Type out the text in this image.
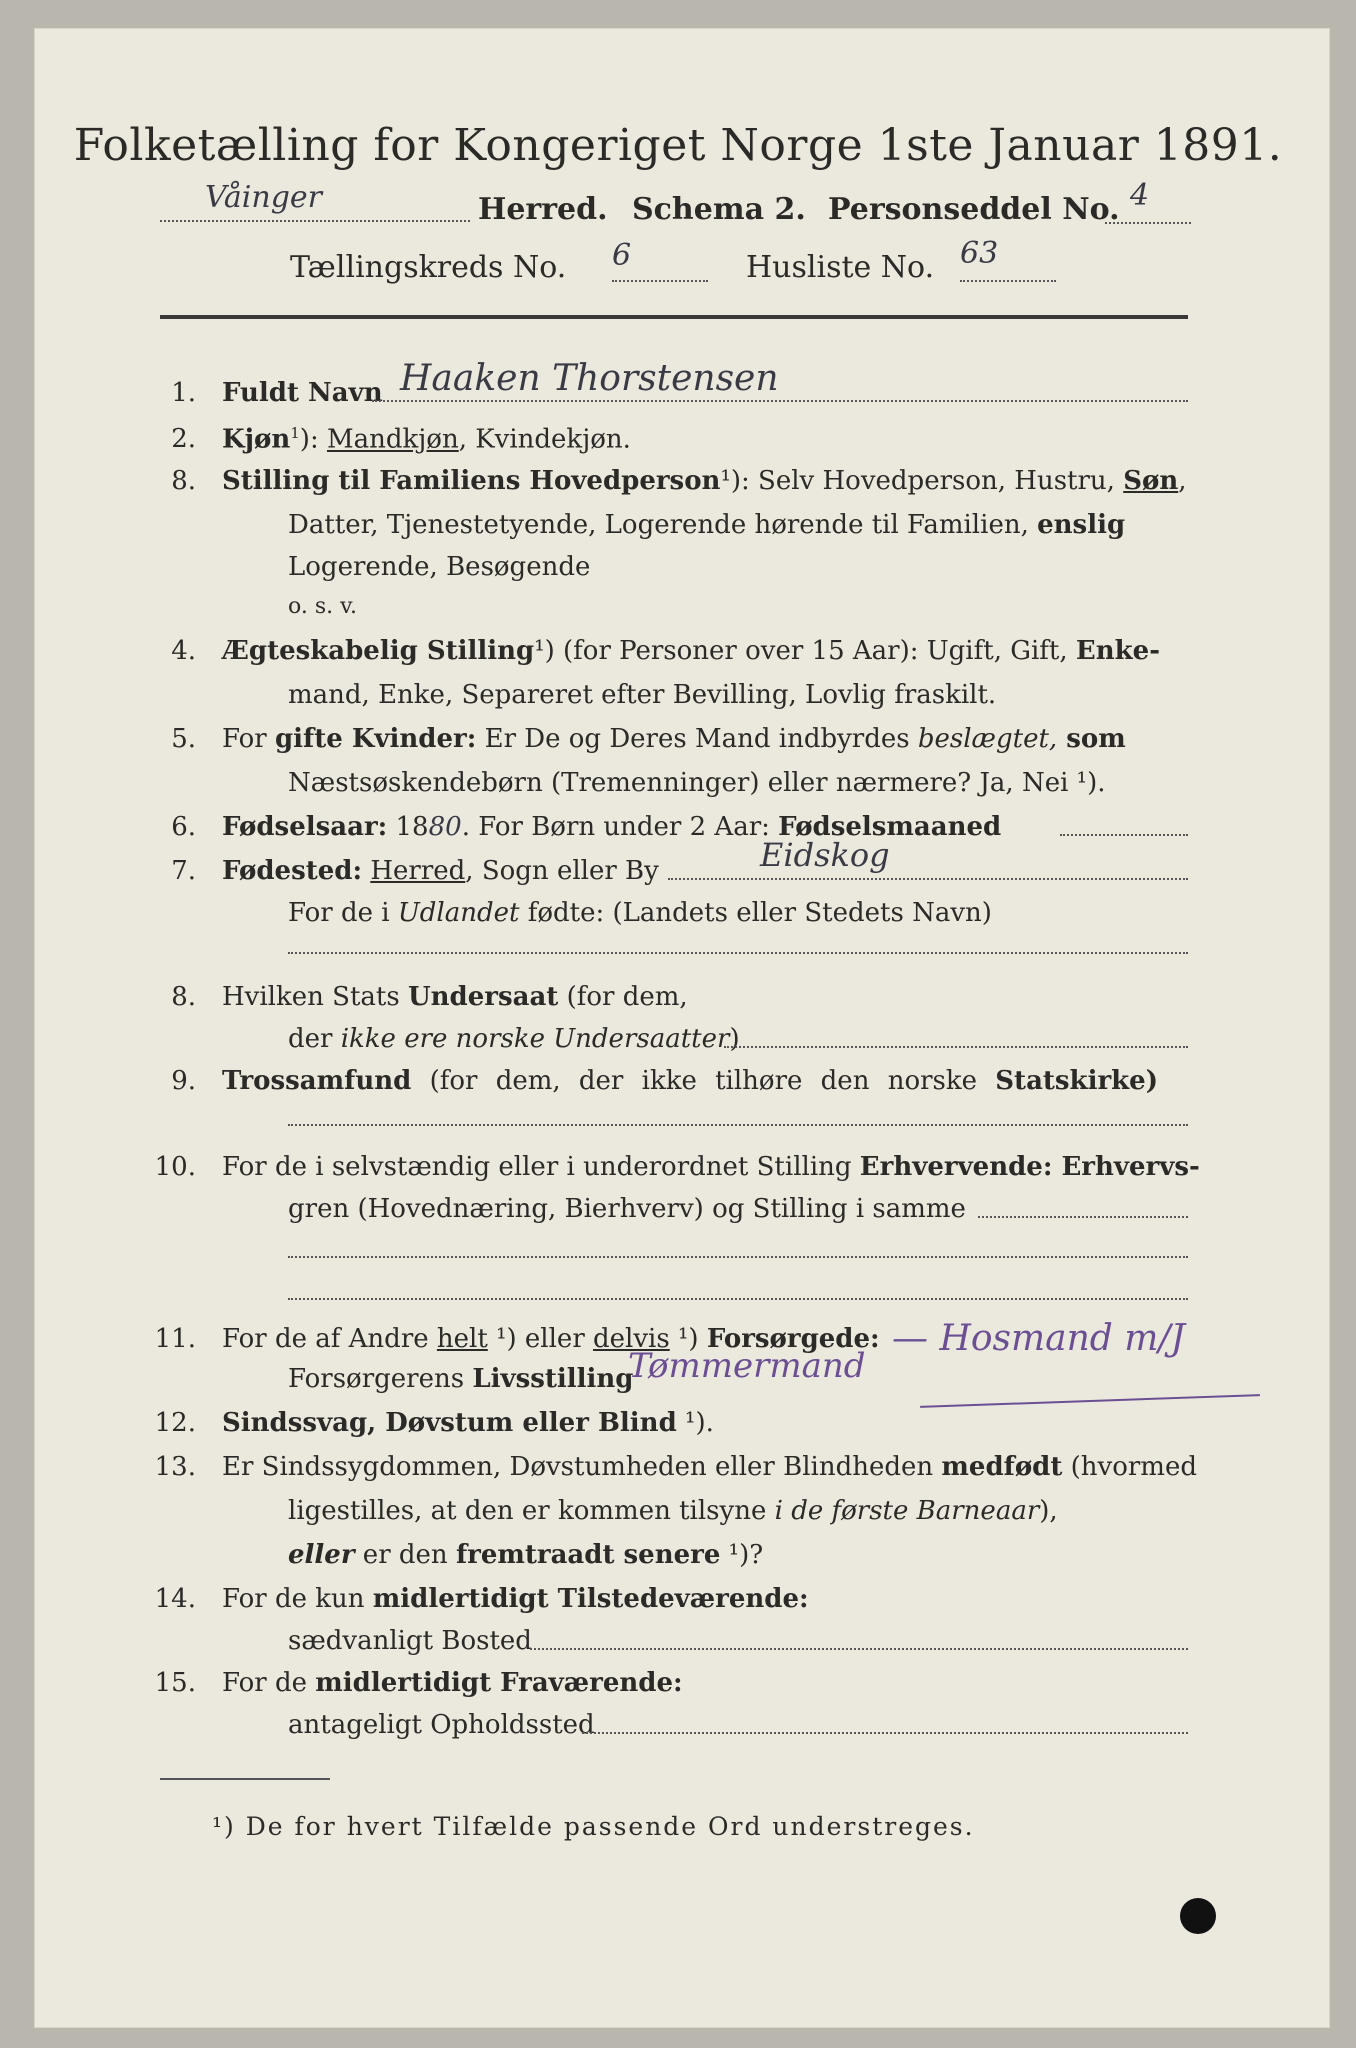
Folketælling for Kongeriget Norge 1ste Januar 1891.
Våinger	Herred. Schema 2. Personseddel No. 4
Tællingskreds No. 6	Husliste No. 63
1. Fuldt Navn Haaken Thorstensen
2. Kjøn$^1$): Mandkjøn, Kvindekjøn.
8. Stilling til Familiens Hovedperson¹): Selv Hovedperson, Hustru, Søn,
Datter, Tjenestetyende, Logerende hørende til Familien, enslig
Logerende, Besøgende
o. s. v.
4. Ægteskabelig Stilling¹) (for Personer over 15 Aar): Ugift, Gift, Enke-
mand, Enke, Separeret efter Bevilling, Lovlig fraskilt.
5. For gifte Kvinder: Er De og Deres Mand indbyrdes beslægtet, som
Næstsøskendebørn (Tremenninger) eller nærmere? Ja, Nei ¹).
6. Fødselsaar: 1880. For Børn under 2 Aar: Fødselsmaaned
7. Fødested: Herred, Sogn eller By	Eidskog
For de i Udlandet fødte: (Landets eller Stedets Navn)
8. Hvilken Stats Undersaat (for dem,
der ikke ere norske Undersaatter)
9. Trossamfund (for dem, der ikke tilhøre den norske Statskirke)
10. For de i selvstændig eller i underordnet Stilling Erhvervende: Erhvervs-
gren (Hovednæring, Bierhverv) og Stilling i samme
11. For de af Andre helt ¹) eller delvis ¹) Forsørgede: — Hosmand m/J
Forsørgerens Livsstilling
Tømmermand
12. Sindssvag, Døvstum eller Blind ¹).
13. Er Sindssygdommen, Døvstumheden eller Blindheden medfødt (hvormed
ligestilles, at den er kommen tilsyne i de første Barneaar),
eller er den fremtraadt senere ¹)?
14. For de kun midlertidigt Tilstedeværende:
sædvanligt Bosted
15. For de midlertidigt Fraværende:
antageligt Opholdssted
¹) De for hvert Tilfælde passende Ord understreges.
